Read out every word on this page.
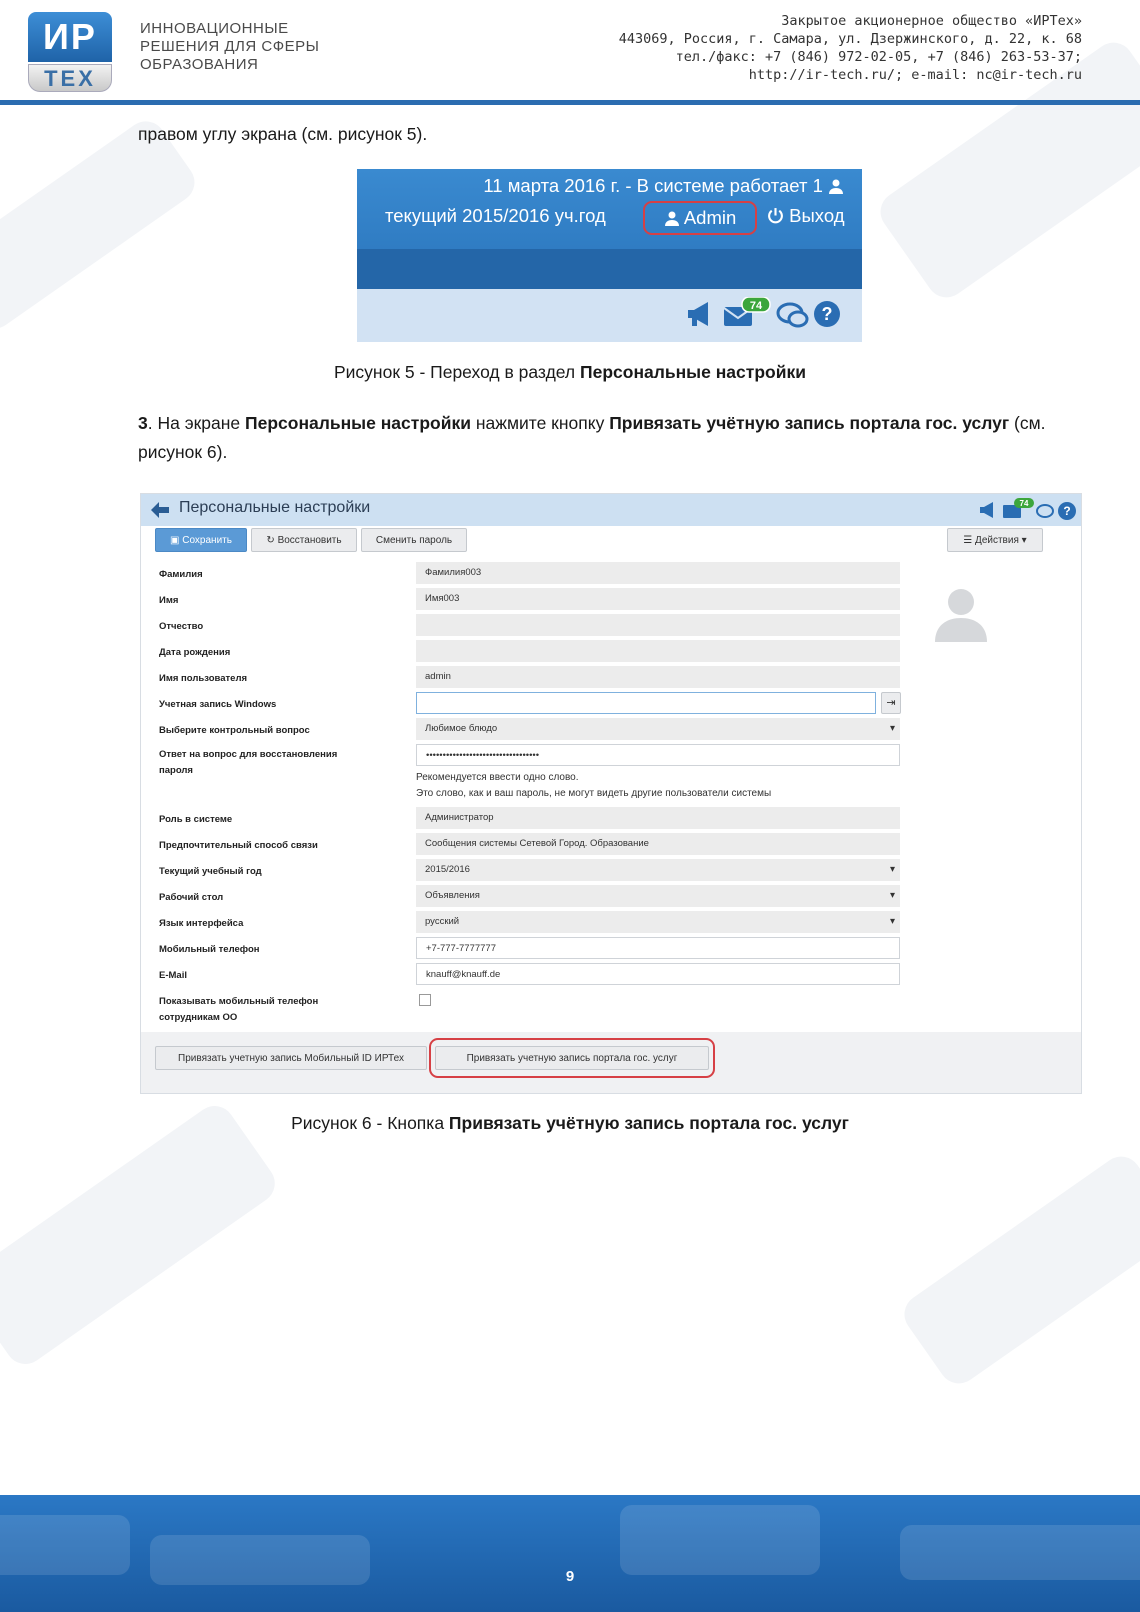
ИР
ТЕХ
ИННОВАЦИОННЫЕ
РЕШЕНИЯ ДЛЯ СФЕРЫ
ОБРАЗОВАНИЯ
Закрытое акционерное общество «ИРТех»
443069, Россия, г. Самара, ул. Дзержинского, д. 22, к. 68
тел./факс: +7 (846) 972-02-05, +7 (846) 263-53-37;
http://ir-tech.ru/; e-mail: nc@ir-tech.ru
правом углу экрана (см. рисунок 5).
11 марта 2016 г. - В системе работает 1
текущий 2015/2016 уч.год	Admin	Выход
74	?
Рисунок 5 - Переход в раздел Персональные настройки
3. На экране Персональные настройки нажмите кнопку Привязать учётную запись портала гос. услуг (см. рисунок 6).
Персональные настройки	74
?
▣ Сохранить	↻ Восстановить	Сменить пароль	☰ Действия ▾
Фамилия	Фамилия003
Имя	Имя003
Отчество
Дата рождения
Имя пользователя	admin
Учетная запись Windows	⇥
Выберите контрольный вопрос	Любимое блюдо ▾
Ответ на вопрос для восстановления
пароля
••••••••••••••••••••••••••••••••••
Рекомендуется ввести одно слово.
Это слово, как и ваш пароль, не могут видеть другие пользователи системы
Роль в системе	Администратор
Предпочтительный способ связи	Сообщения системы Сетевой Город. Образование
Текущий учебный год	2015/2016 ▾
Рабочий стол	Объявления ▾
Язык интерфейса	русский ▾
Мобильный телефон	+7-777-7777777
E-Mail	knauff@knauff.de
Показывать мобильный телефон
сотрудникам ОО
Привязать учетную запись Мобильный ID ИРТех	Привязать учетную запись портала гос. услуг
Рисунок 6 - Кнопка Привязать учётную запись портала гос. услуг
9
